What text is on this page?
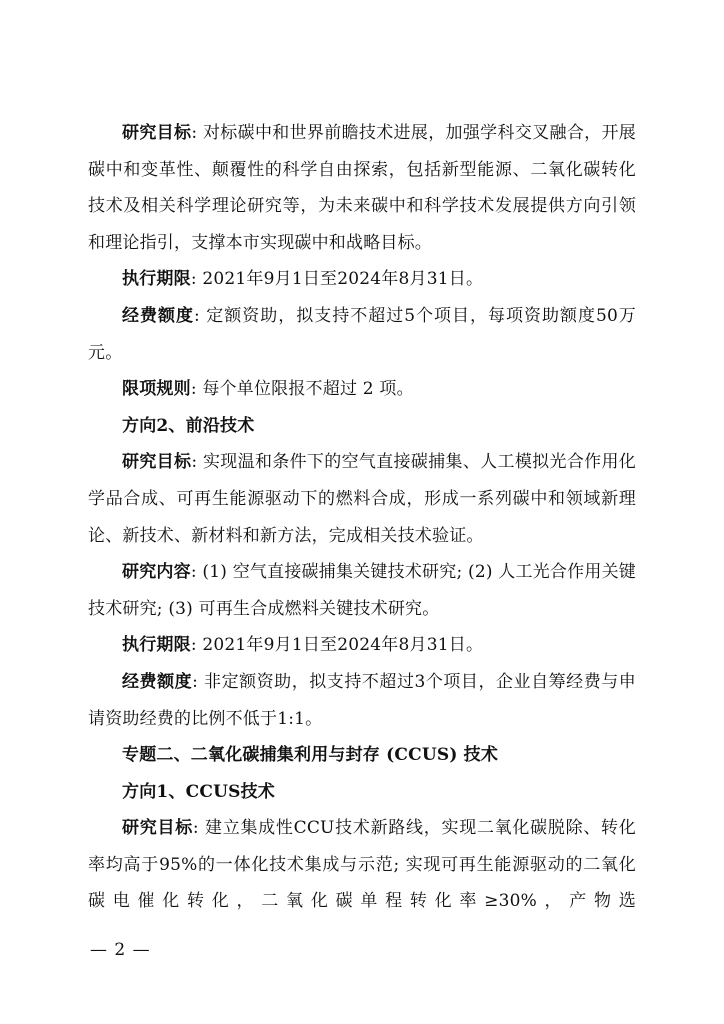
研究目标: 对标碳中和世界前瞻技术进展，加强学科交叉融合，开展碳中和变革性、颠覆性的科学自由探索，包括新型能源、二氧化碳转化技术及相关科学理论研究等，为未来碳中和科学技术发展提供方向引领和理论指引，支撑本市实现碳中和战略目标。

执行期限: 2021年9月1日至2024年8月31日。

经费额度: 定额资助，拟支持不超过5个项目，每项资助额度50万元。

限项规则: 每个单位限报不超过 2 项。

方向2、前沿技术

研究目标: 实现温和条件下的空气直接碳捕集、人工模拟光合作用化学品合成、可再生能源驱动下的燃料合成，形成一系列碳中和领域新理论、新技术、新材料和新方法，完成相关技术验证。

研究内容: (1) 空气直接碳捕集关键技术研究; (2) 人工光合作用关键技术研究; (3) 可再生合成燃料关键技术研究。

执行期限: 2021年9月1日至2024年8月31日。

经费额度: 非定额资助，拟支持不超过3个项目，企业自筹经费与申请资助经费的比例不低于1:1。

专题二、二氧化碳捕集利用与封存 (CCUS) 技术

方向1、CCUS技术

研究目标: 建立集成性CCU技术新路线，实现二氧化碳脱除、转化率均高于95%的一体化技术集成与示范; 实现可再生能源驱动的二氧化碳电催化转化，二氧化碳单程转化率≥30%，产物选

— 2 —
